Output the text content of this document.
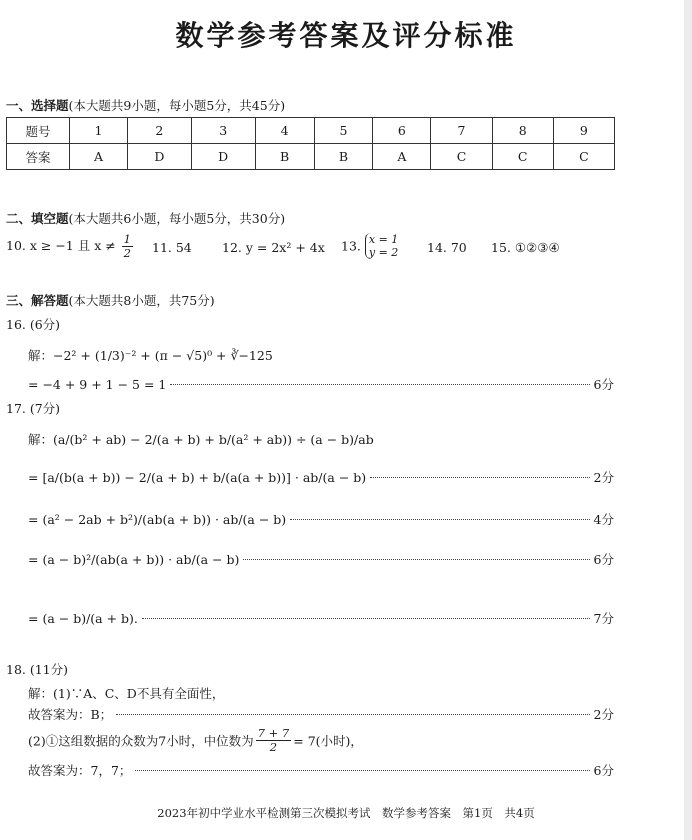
数学参考答案及评分标准
一、选择题(本大题共9小题，每小题5分，共45分)
题号	1	2	3	4	5	6	7	8	9
答案	A	D	D	B	B	A	C	C	C
二、填空题(本大题共6小题，每小题5分，共30分)
10. x ≥ −1 且 $x \ne \frac{1}{2} 11$. 54 12. y = 2x² + 4x 13. x = 1
y = 2 14. 70 15. ①②③④
三、解答题(本大题共8小题，共75分)
16. (6分)
解：−2² + (1/3)⁻² + (π − √5)⁰ + ∛−125
= −4 + 9 + 1 − 5 = 1	6分
17. (7分)
解：(a/(b² + ab) − 2/(a + b) + b/(a² + ab)) ÷ (a − b)/ab
= [a/(b(a + b)) − 2/(a + b) + b/(a(a + b))] · ab/(a − b)	2分
= (a² − 2ab + b²)/(ab(a + b)) · ab/(a − b)	4分
= (a − b)²/(ab(a + b)) · ab/(a − b)	6分
= (a − b)/(a + b).	7分
18. (11分)
解：(1)∵A、C、D不具有全面性，
故答案为：B；	2分
(2)①这组数据的众数为7小时，中位数为 $\frac{7 + 7}{2} = 7$(小时)，
故答案为：7，7；	6分
2023年初中学业水平检测第三次模拟考试　数学参考答案　第1页　共4页
